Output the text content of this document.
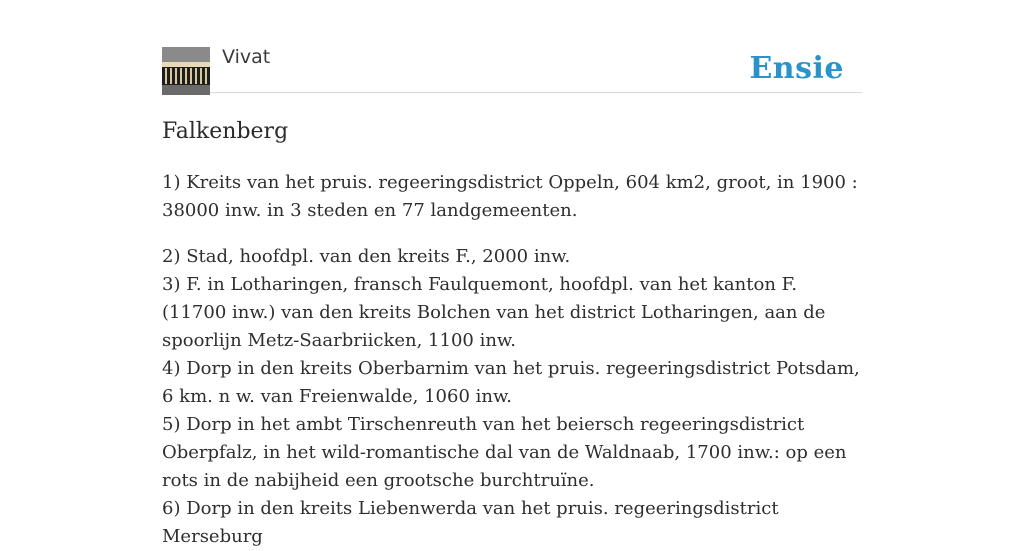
Vivat	Ensie
Falkenberg

1) Kreits van het pruis. regeeringsdistrict Oppeln, 604 km2, groot, in 1900 : 38000 inw. in 3 steden en 77 landgemeenten.

2) Stad, hoofdpl. van den kreits F., 2000 inw.

3) F. in Lotharingen, fransch Faulquemont, hoofdpl. van het kanton F. (11700 inw.) van den kreits Bolchen van het district Lotharingen, aan de spoorlijn Metz-Saarbriicken, 1100 inw.

4) Dorp in den kreits Oberbarnim van het pruis. regeeringsdistrict Potsdam, 6 km. n w. van Freienwalde, 1060 inw.

5) Dorp in het ambt Tirschenreuth van het beiersch regeeringsdistrict Oberpfalz, in het wild-romantische dal van de Waldnaab, 1700 inw.: op een rots in de nabijheid een grootsche burchtruïne.

6) Dorp in den kreits Liebenwerda van het pruis. regeeringsdistrict Merseburg
